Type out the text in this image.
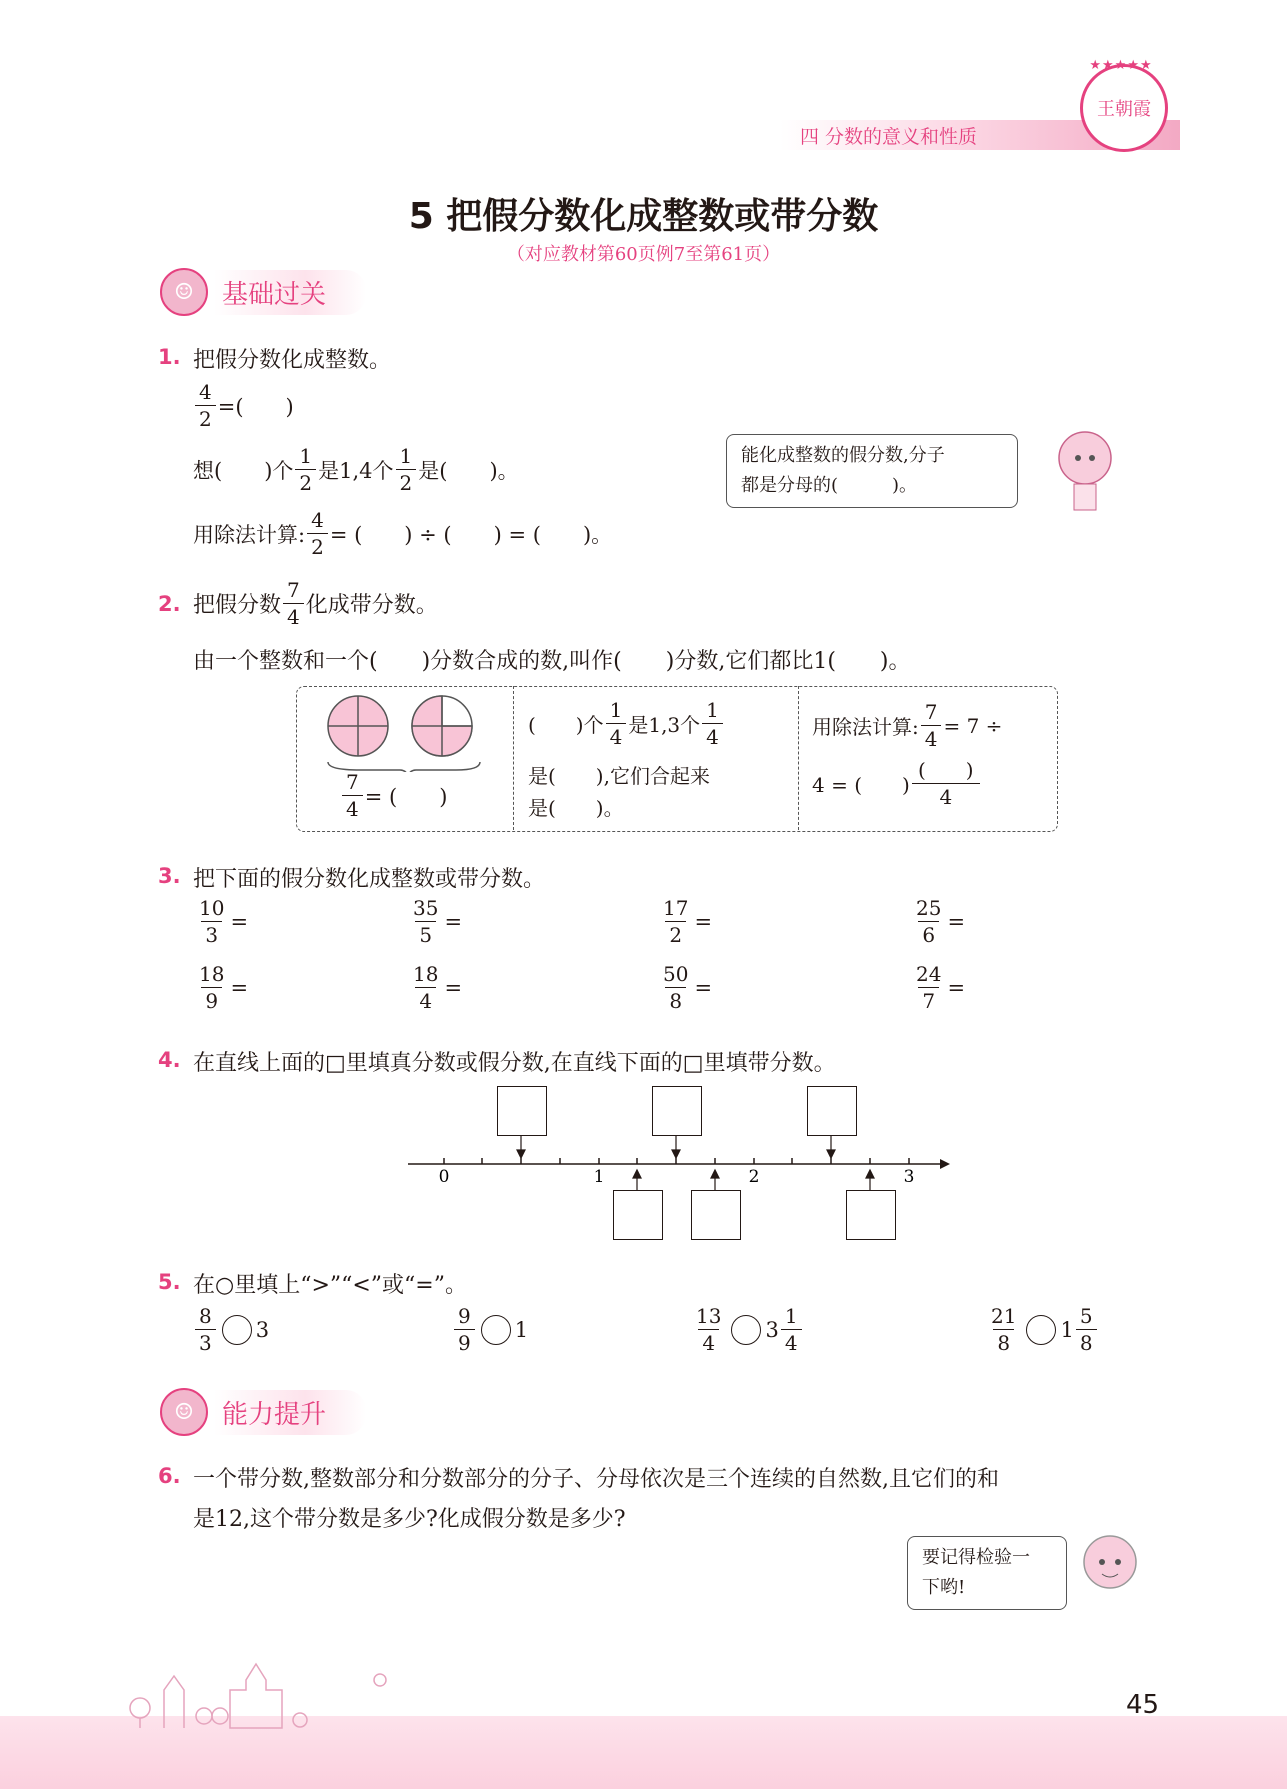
四 分数的意义和性质
王朝霞
★★★★★
5 把假分数化成整数或带分数
（对应教材第60页例7至第61页）
☺	基础过关
1. 把假分数化成整数。
$\frac{4}{2}$ =(　　)
想(　　)个 $\frac{1}{2}$ 是1,4个 $\frac{1}{2}$ 是(　　)。
用除法计算: $\frac{4}{2}$ = (　　) ÷ (　　) = (　　)。
能化成整数的假分数,分子
都是分母的(　　　)。
2. 把假分数 $\frac{7}{4}$ 化成带分数。
由一个整数和一个(　　)分数合成的数,叫作(　　)分数,它们都比1(　　)。
$\frac{7}{4}$ = (　　)
(　　)个 $\frac{1}{4}$ 是1,3个 $\frac{1}{4}$
是(　　),它们合起来
是(　　)。
用除法计算: $\frac{7}{4} = 7$ ÷
4 = (　　) $\frac{( )}{4}$
3. 把下面的假分数化成整数或带分数。
$\frac{10}{3}$ =	$\frac{35}{5}$ =	$\frac{17}{2}$ =	$\frac{25}{6}$ =
$\frac{18}{9}$ =	$\frac{18}{4}$ =	$\frac{50}{8}$ =	$\frac{24}{7}$ =
4. 在直线上面的□里填真分数或假分数,在直线下面的□里填带分数。
0	1	2	3
5. 在○里填上“>”“<”或“=”。
$\frac{8}{3} 3$	$\frac{9}{9} 1$	$\frac{13}{4} 3 \frac{1}{4}$	$\frac{21}{8} 1 \frac{5}{8}$
☺	能力提升
6. 一个带分数,整数部分和分数部分的分子、分母依次是三个连续的自然数,且它们的和
是12,这个带分数是多少?化成假分数是多少?
要记得检验一
下哟!
45
